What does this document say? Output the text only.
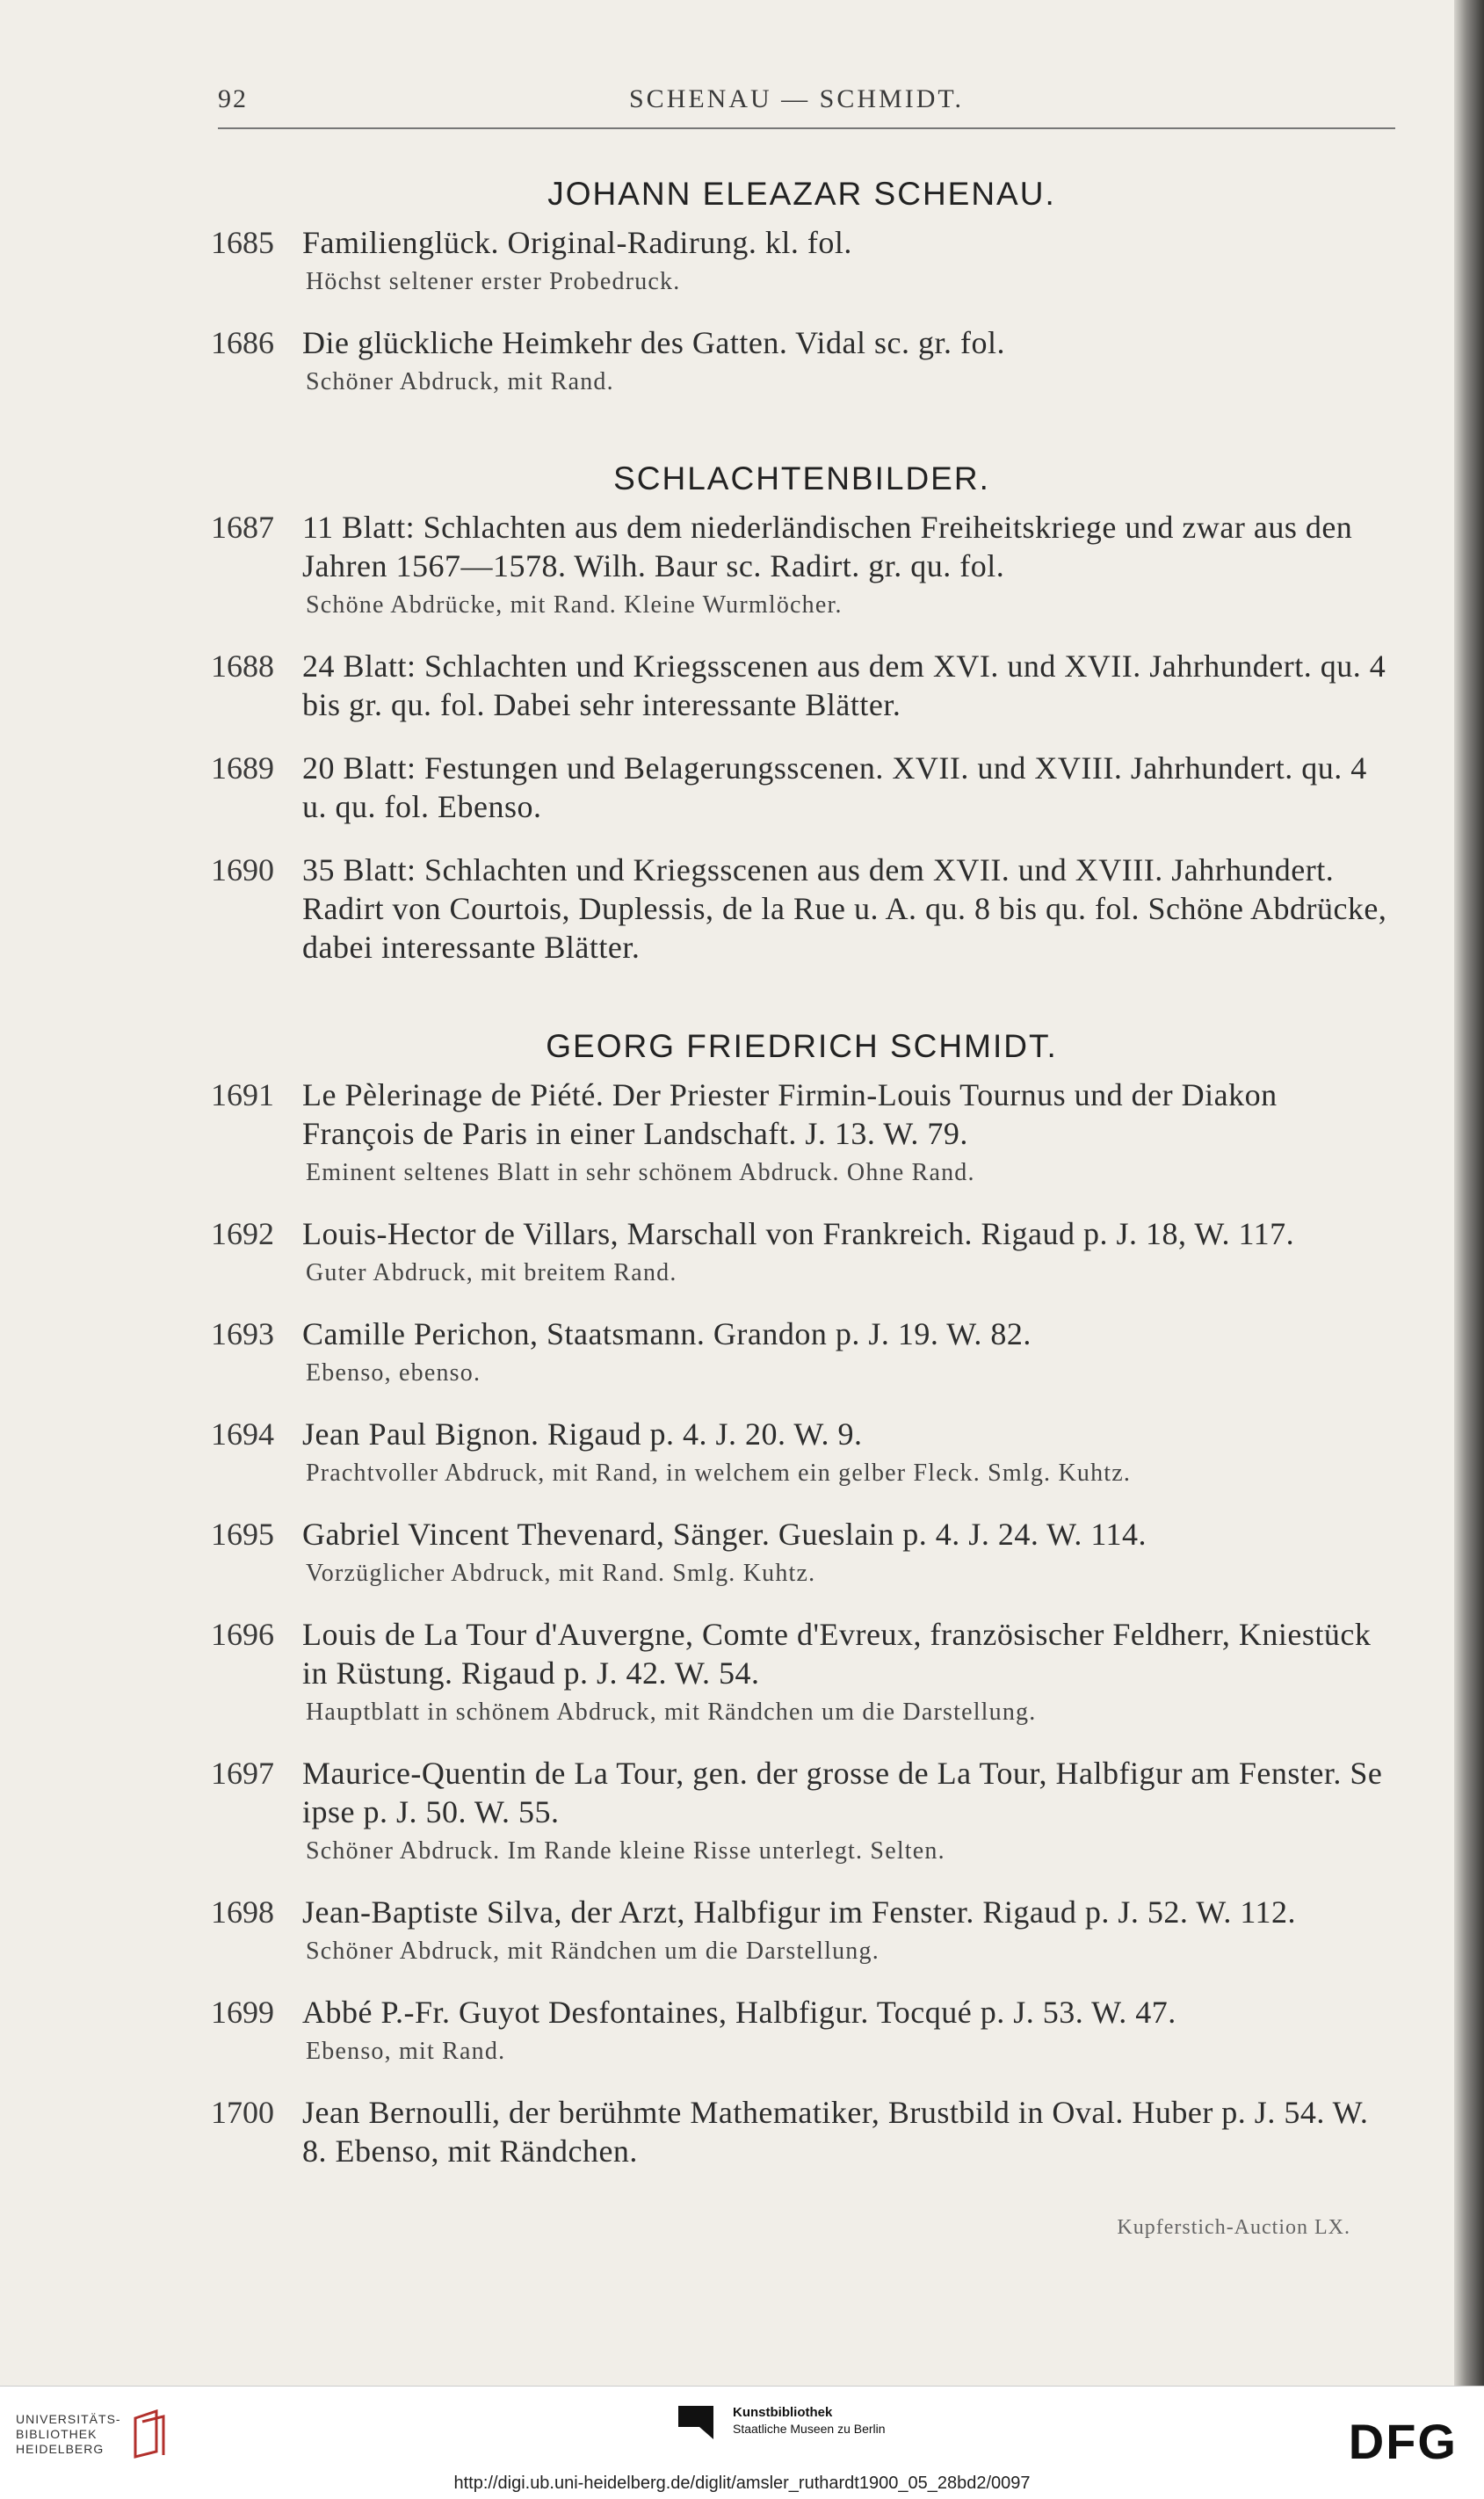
92	SCHENAU — SCHMIDT.
JOHANN ELEAZAR SCHENAU.
1685 Familienglück. Original-Radirung. kl. fol.
Höchst seltener erster Probedruck.
1686 Die glückliche Heimkehr des Gatten. Vidal sc. gr. fol.
Schöner Abdruck, mit Rand.
SCHLACHTENBILDER.
1687 11 Blatt: Schlachten aus dem niederländischen Freiheitskriege und zwar aus den Jahren 1567—1578. Wilh. Baur sc. Radirt. gr. qu. fol.
Schöne Abdrücke, mit Rand. Kleine Wurmlöcher.
1688 24 Blatt: Schlachten und Kriegsscenen aus dem XVI. und XVII. Jahrhundert. qu. 4 bis gr. qu. fol. Dabei sehr interessante Blätter.
1689 20 Blatt: Festungen und Belagerungsscenen. XVII. und XVIII. Jahrhundert. qu. 4 u. qu. fol. Ebenso.
1690 35 Blatt: Schlachten und Kriegsscenen aus dem XVII. und XVIII. Jahrhundert. Radirt von Courtois, Duplessis, de la Rue u. A. qu. 8 bis qu. fol. Schöne Abdrücke, dabei interessante Blätter.
GEORG FRIEDRICH SCHMIDT.
1691 Le Pèlerinage de Piété. Der Priester Firmin-Louis Tournus und der Diakon François de Paris in einer Landschaft. J. 13. W. 79.
Eminent seltenes Blatt in sehr schönem Abdruck. Ohne Rand.
1692 Louis-Hector de Villars, Marschall von Frankreich. Rigaud p. J. 18, W. 117.
Guter Abdruck, mit breitem Rand.
1693 Camille Perichon, Staatsmann. Grandon p. J. 19. W. 82.
Ebenso, ebenso.
1694 Jean Paul Bignon. Rigaud p. 4. J. 20. W. 9.
Prachtvoller Abdruck, mit Rand, in welchem ein gelber Fleck. Smlg. Kuhtz.
1695 Gabriel Vincent Thevenard, Sänger. Gueslain p. 4. J. 24. W. 114.
Vorzüglicher Abdruck, mit Rand. Smlg. Kuhtz.
1696 Louis de La Tour d'Auvergne, Comte d'Evreux, französischer Feldherr, Kniestück in Rüstung. Rigaud p. J. 42. W. 54.
Hauptblatt in schönem Abdruck, mit Rändchen um die Darstellung.
1697 Maurice-Quentin de La Tour, gen. der grosse de La Tour, Halbfigur am Fenster. Se ipse p. J. 50. W. 55.
Schöner Abdruck. Im Rande kleine Risse unterlegt. Selten.
1698 Jean-Baptiste Silva, der Arzt, Halbfigur im Fenster. Rigaud p. J. 52. W. 112.
Schöner Abdruck, mit Rändchen um die Darstellung.
1699 Abbé P.-Fr. Guyot Desfontaines, Halbfigur. Tocqué p. J. 53. W. 47.
Ebenso, mit Rand.
1700 Jean Bernoulli, der berühmte Mathematiker, Brustbild in Oval. Huber p. J. 54. W. 8. Ebenso, mit Rändchen.
Kupferstich-Auction LX.
UNIVERSITÄTS-
BIBLIOTHEK
HEIDELBERG
Kunstbibliothek
Staatliche Museen zu Berlin	DFG
http://digi.ub.uni-heidelberg.de/diglit/amsler_ruthardt1900_05_28bd2/0097
